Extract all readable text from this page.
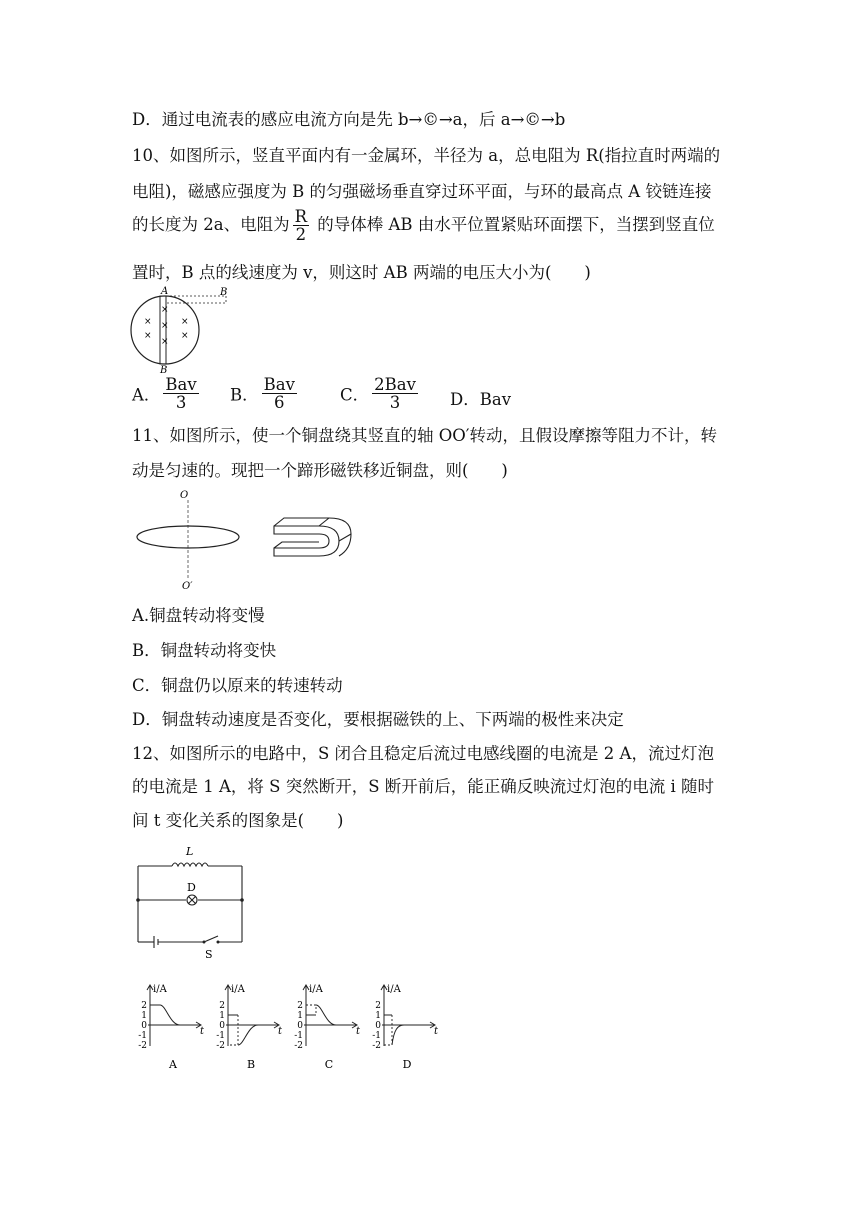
D．通过电流表的感应电流方向是先 b→©→a，后 a→©→b
10、如图所示，竖直平面内有一金属环，半径为 a，总电阻为 R(指拉直时两端的
电阻)，磁感应强度为 B 的匀强磁场垂直穿过环平面，与环的最高点 A 铰链连接
的长度为 2a、电阻为 $\frac{R}{2}$ 的导体棒 AB 由水平位置紧贴环面摆下，当摆到竖直位
置时，B 点的线速度为 v，则这时 AB 两端的电压大小为(　　)
×
×
×
×
×
×
×
A	B
B
A． $\frac{\text{Bav}}{3}$ B． $\frac{\text{Bav}}{6}$	C． $\frac{\text{2Bav}}{3}$ D．Bav
11、如图所示，使一个铜盘绕其竖直的轴 OO′转动，且假设摩擦等阻力不计，转
动是匀速的。现把一个蹄形磁铁移近铜盘，则(　　)
O
O′
A.铜盘转动将变慢
B．铜盘转动将变快
C．铜盘仍以原来的转速转动
D．铜盘转动速度是否变化，要根据磁铁的上、下两端的极性来决定
12、如图所示的电路中，S 闭合且稳定后流过电感线圈的电流是 2 A，流过灯泡
的电流是 1 A，将 S 突然断开，S 断开前后，能正确反映流过灯泡的电流 i 随时
间 t 变化关系的图象是(　　)
L
D
S
i/A
t
2
1
0
-1
-2
A
i/A
t
2
1
0
-1
-2
B
i/A
t
2
1
0
-1
-2
C
i/A
t
2
1
0
-1
-2
D
